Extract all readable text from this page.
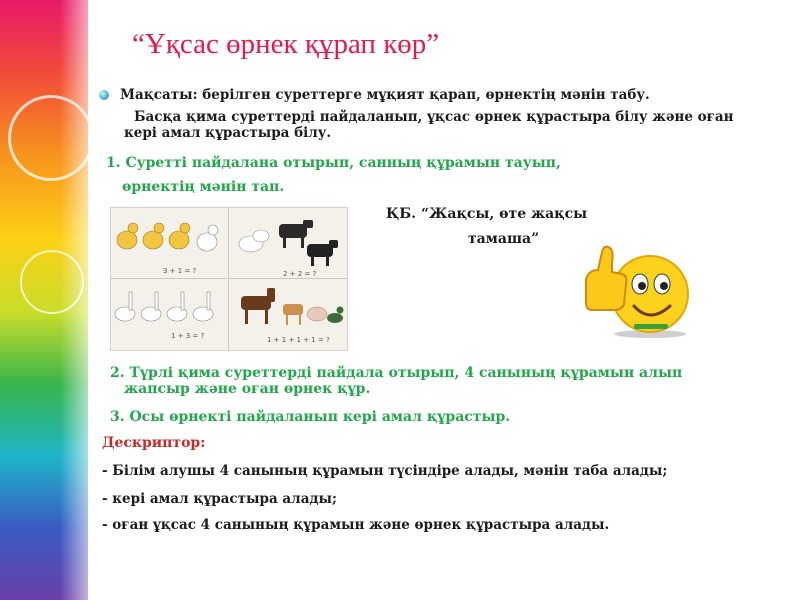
“Ұқсас өрнек құрап көр”
Мақсаты: берілген суреттерге мұқият қарап, өрнектің мәнін табу.
Басқа қима суреттерді пайдаланып, ұқсас өрнек құрастыра білу және оған
кері амал құрастыра білу.
1. Суретті пайдалана отырып, санның құрамын тауып,
өрнектің мәнін тап.
ҚБ. “Жақсы, өте жақсы
тамаша”
3 + 1 = ?	2 + 2 = ?
1 + 3 = ?	1 + 1 + 1 + 1 = ?
2. Түрлі қима суреттерді пайдала отырып, 4 санының құрамын алып
жапсыр және оған өрнек құр.
3. Осы өрнекті пайдаланып кері амал құрастыр.
Дескриптор:
- Білім алушы 4 санының құрамын түсіндіре алады, мәнін таба алады;
- кері амал құрастыра алады;
- оған ұқсас 4 санының құрамын және өрнек құрастыра алады.
